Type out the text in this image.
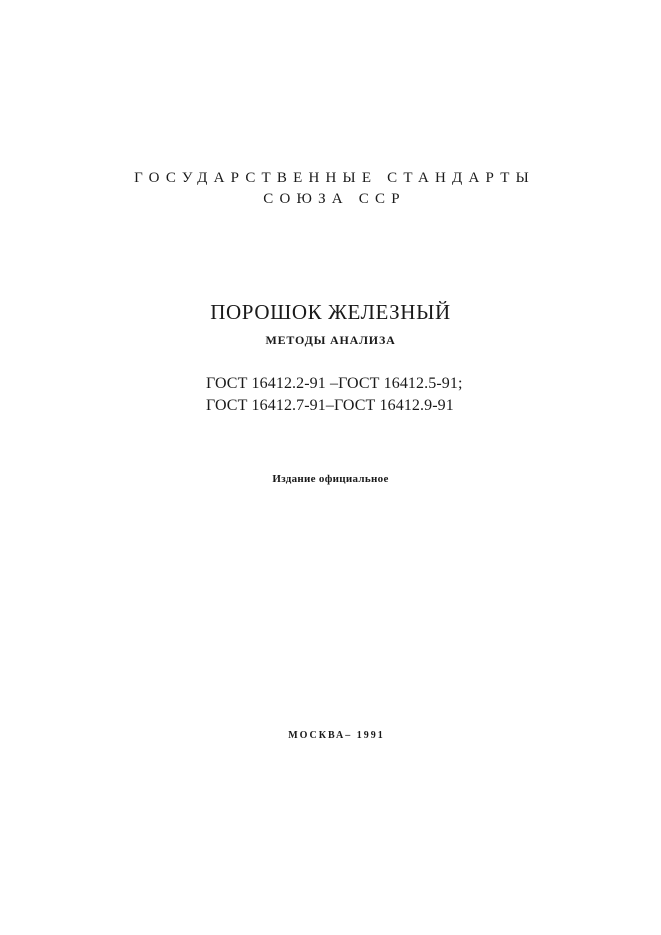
ГОСУДАРСТВЕННЫЕ СТАНДАРТЫ
СОЮЗА ССР
ПОРОШОК ЖЕЛЕЗНЫЙ
МЕТОДЫ АНАЛИЗА
ГОСТ 16412.2-91 –ГОСТ 16412.5-91;
ГОСТ 16412.7-91–ГОСТ 16412.9-91
Издание официальное
МОСКВА– 1991
